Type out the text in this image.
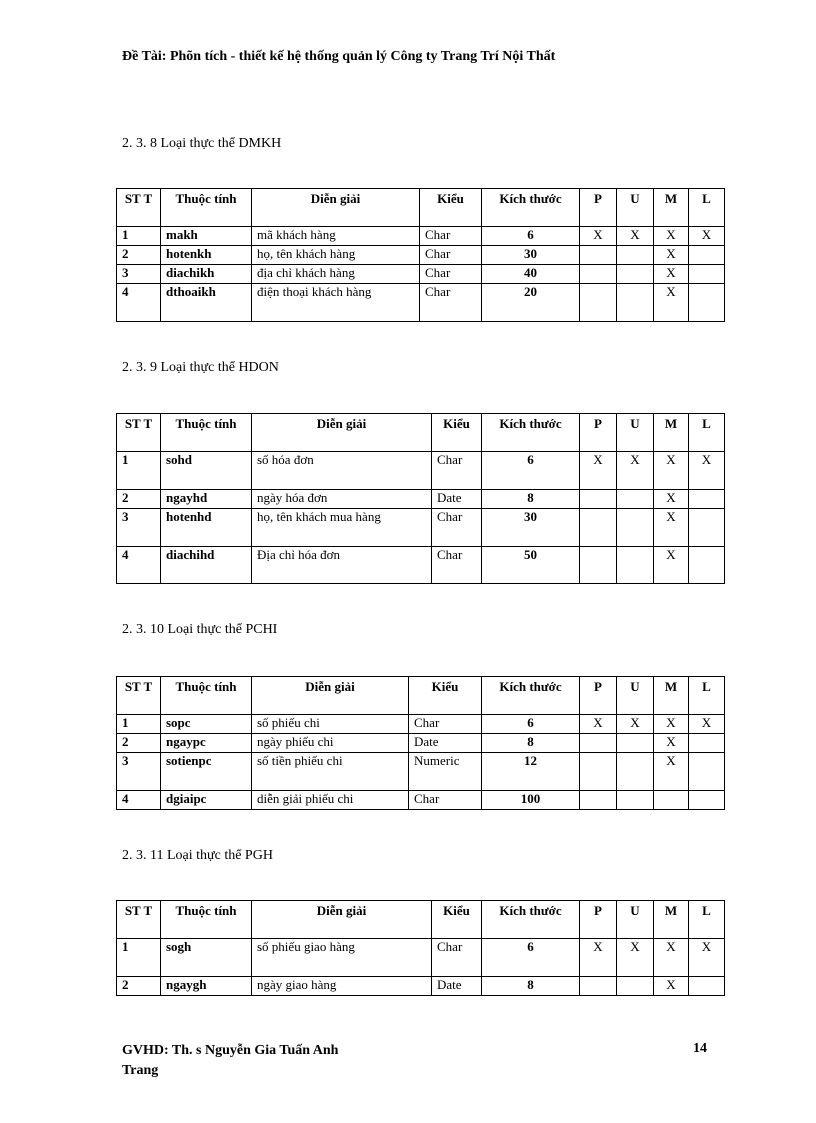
Đề Tài: Phõn tích - thiết kế hệ thống quản lý Công ty Trang Trí Nội Thất
2. 3. 8 Loại thực thể DMKH
ST T	Thuộc tính	Diễn giải	Kiểu	Kích thước	P	U	M	L
1	makh	mã khách hàng	Char	6	X	X	X	X
2	hotenkh	họ, tên khách hàng	Char	30			X	
3	diachikh	địa chỉ khách hàng	Char	40			X	
4	dthoaikh	điện thoại khách hàng	Char	20			X	
2. 3. 9 Loại thực thể HDON
ST T	Thuộc tính	Diễn giải	Kiểu	Kích thước	P	U	M	L
1	sohd	số hóa đơn	Char	6	X	X	X	X
2	ngayhd	ngày hóa đơn	Date	8			X	
3	hotenhd	họ, tên khách mua hàng	Char	30			X	
4	diachihd	Địa chỉ hóa đơn	Char	50			X	
2. 3. 10 Loại thực thể PCHI
ST T	Thuộc tính	Diễn giải	Kiểu	Kích thước	P	U	M	L
1	sopc	số phiếu chi	Char	6	X	X	X	X
2	ngaypc	ngày phiếu chi	Date	8			X	
3	sotienpc	số tiền phiếu chi	Numeric	12			X	
4	dgiaipc	diễn giải phiếu chi	Char	100				
2. 3. 11 Loại thực thể PGH
ST T	Thuộc tính	Diễn giải	Kiểu	Kích thước	P	U	M	L
1	sogh	số phiếu giao hàng	Char	6	X	X	X	X
2	ngaygh	ngày giao hàng	Date	8			X	
GVHD: Th. s Nguyễn Gia Tuấn Anh
Trang
14
